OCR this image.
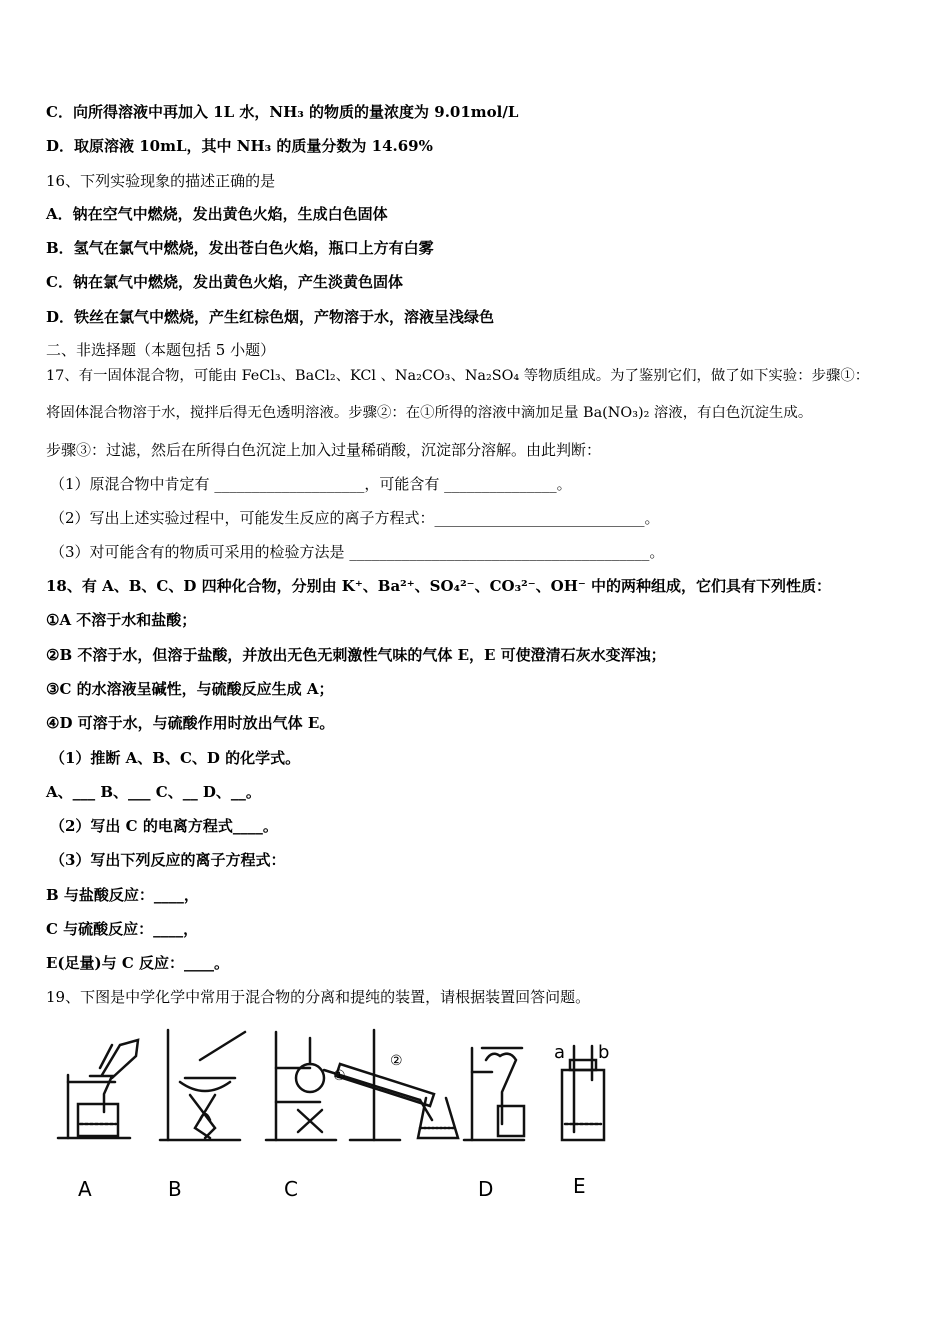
C．向所得溶液中再加入 1L 水，NH₃ 的物质的量浓度为 9.01mol/L
D．取原溶液 10mL，其中 NH₃ 的质量分数为 14.69%
16、下列实验现象的描述正确的是
A．钠在空气中燃烧，发出黄色火焰，生成白色固体
B．氢气在氯气中燃烧，发出苍白色火焰，瓶口上方有白雾
C．钠在氯气中燃烧，发出黄色火焰，产生淡黄色固体
D．铁丝在氯气中燃烧，产生红棕色烟，产物溶于水，溶液呈浅绿色
二、非选择题（本题包括 5 小题）
17、有一固体混合物，可能由 FeCl₃、BaCl₂、KCl 、Na₂CO₃、Na₂SO₄ 等物质组成。为了鉴别它们，做了如下实验：步骤①：
将固体混合物溶于水，搅拌后得无色透明溶液。步骤②：在①所得的溶液中滴加足量 Ba(NO₃)₂ 溶液，有白色沉淀生成。
步骤③：过滤，然后在所得白色沉淀上加入过量稀硝酸，沉淀部分溶解。由此判断：
（1）原混合物中肯定有 ____________________，可能含有 _______________。
（2）写出上述实验过程中，可能发生反应的离子方程式：____________________________。
（3）对可能含有的物质可采用的检验方法是 ________________________________________。
18、有 A、B、C、D 四种化合物，分别由 K⁺、Ba²⁺、SO₄²⁻、CO₃²⁻、OH⁻ 中的两种组成，它们具有下列性质：
①A 不溶于水和盐酸；
②B 不溶于水，但溶于盐酸，并放出无色无刺激性气味的气体 E，E 可使澄清石灰水变浑浊；
③C 的水溶液呈碱性，与硫酸反应生成 A；
④D 可溶于水，与硫酸作用时放出气体 E。
（1）推断 A、B、C、D 的化学式。
A、___ B、___ C、__ D、__。
（2）写出 C 的电离方程式____。
（3）写出下列反应的离子方程式：
B 与盐酸反应：____，
C 与硫酸反应：____，
E(足量)与 C 反应：____。
19、下图是中学化学中常用于混合物的分离和提纯的装置，请根据装置回答问题。
①
②	a b
A	B	C	D	E
